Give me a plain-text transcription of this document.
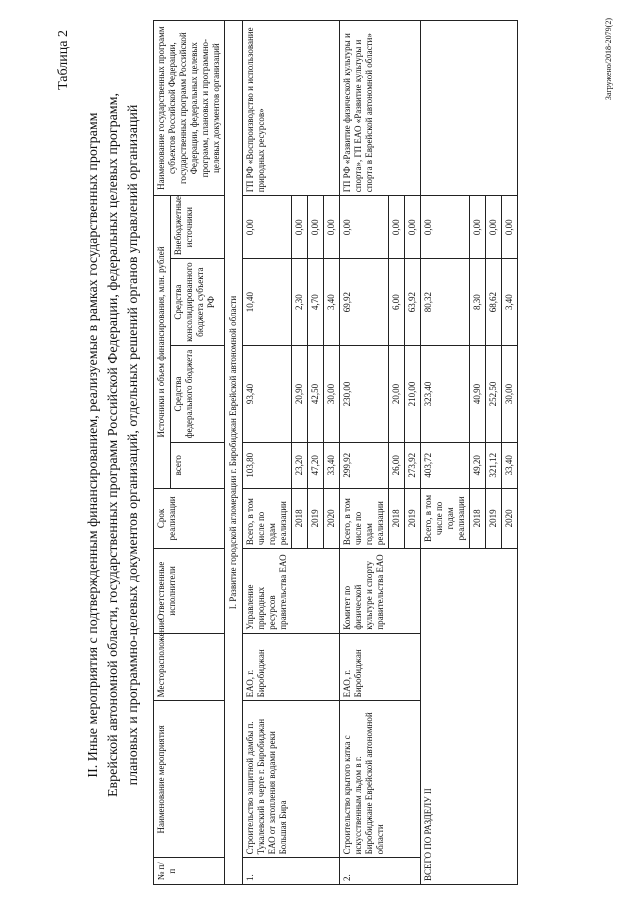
Таблица 2
II. Иные мероприятия с подтвержденным финансированием, реализуемые в рамках государственных программ Еврейской автономной области, государственных программ Российской Федерации, федеральных целевых программ, плановых и программно-целевых документов организаций, отдельных решений органов управлений организаций
№ п/п	Наименование мероприятия	Месторасположение	Ответственные исполнители	Срок реализации	Источники и объем финансирования, млн. рублей				Наименование государственных программ субъектов Российской Федерации, государственных программ Российской Федерации, федеральных целевых программ, плановых и программно-целевых документов организаций
					всего	Средства федерального бюджета	Средства консолидированного бюджета субъекта РФ	Внебюджетные источники	
I. Развитие городской агломерации г. Биробиджан Еврейской автономной области									
1.	Строительство защитной дамбы п. Тукалевский в черте г. Биробиджан ЕАО от затопления водами реки Большая Бира	ЕАО, г. Биробиджан	Управление природных ресурсов правительства ЕАО	Всего, в том числе по годам реализации	103,80	93,40	10,40	0,00	ГП РФ «Воспроизводство и использование природных ресурсов»
				2018	23,20	20,90	2,30	0,00	
				2019	47,20	42,50	4,70	0,00	
				2020	33,40	30,00	3,40	0,00	
2.	Строительство крытого катка с искусственным льдом в г. Биробиджане Еврейской автономной области	ЕАО, г. Биробиджан	Комитет по физической культуре и спорту правительства ЕАО	Всего, в том числе по годам реализации	299,92	230,00	69,92	0,00	ГП РФ «Развитие физической культуры и спорта», ГП ЕАО «Развитие культуры и спорта в Еврейской автономной области»
				2018	26,00	20,00	6,00	0,00	
				2019	273,92	210,00	63,92	0,00	
ВСЕГО ПО РАЗДЕЛУ II				Всего, в том числе по годам реализации	403,72	323,40	80,32	0,00	
				2018	49,20	40,90	8,30	0,00	
				2019	321,12	252,50	68,62	0,00	
				2020	33,40	30,00	3,40	0,00	
Загружено/2018-2079(2)
